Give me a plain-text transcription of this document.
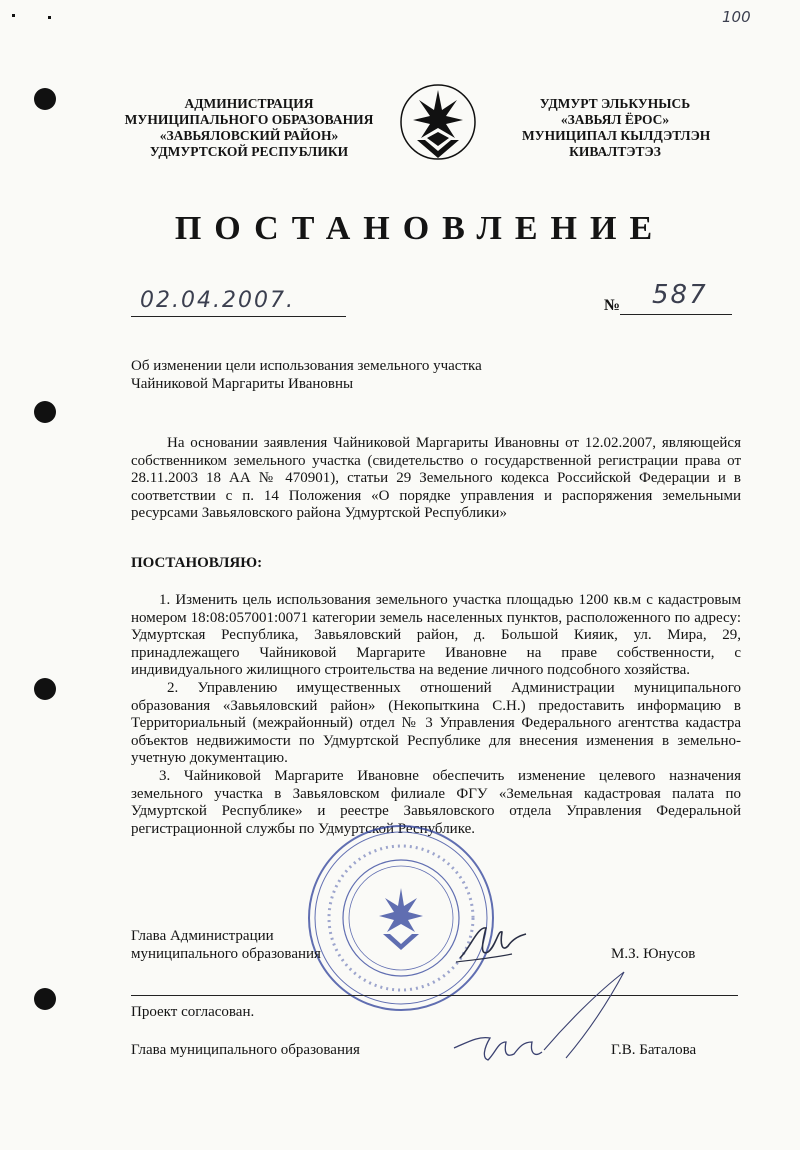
100
АДМИНИСТРАЦИЯ
МУНИЦИПАЛЬНОГО ОБРАЗОВАНИЯ
«ЗАВЬЯЛОВСКИЙ РАЙОН»
УДМУРТСКОЙ РЕСПУБЛИКИ
УДМУРТ ЭЛЬКУНЫСЬ
«ЗАВЬЯЛ ЁРОС»
МУНИЦИПАЛ КЫЛДЭТЛЭН
КИВАЛТЭТЭЗ
ПОСТАНОВЛЕНИЕ
02.04.2007.	№ 587
Об изменении цели использования земельного участка
Чайниковой Маргариты Ивановны

На основании заявления Чайниковой Маргариты Ивановны от 12.02.2007, являющейся собственником земельного участка (свидетельство о государственной регистрации права от 28.11.2003 18 АА № 470901), статьи 29 Земельного кодекса Российской Федерации и в соответствии с п. 14 Положения «О порядке управления и распоряжения земельными ресурсами Завьяловского района Удмуртской Республики»

ПОСТАНОВЛЯЮ:

1. Изменить цель использования земельного участка площадью 1200 кв.м с кадастровым номером 18:08:057001:0071 категории земель населенных пунктов, расположенного по адресу: Удмуртская Республика, Завьяловский район, д. Большой Кияик, ул. Мира, 29, принадлежащего Чайниковой Маргарите Ивановне на праве собственности, с индивидуального жилищного строительства на ведение личного подсобного хозяйства.

2. Управлению имущественных отношений Администрации муниципального образования «Завьяловский район» (Некопыткина С.Н.) предоставить информацию в Территориальный (межрайонный) отдел № 3 Управления Федерального агентства кадастра объектов недвижимости по Удмуртской Республике для внесения изменения в земельно-учетную документацию.

3. Чайниковой Маргарите Ивановне обеспечить изменение целевого назначения земельного участка в Завьяловском филиале ФГУ «Земельная кадастровая палата по Удмуртской Республике» и реестре Завьяловского отдела Управления Федеральной регистрационной службы по Удмуртской Республике.

Глава Администрации
муниципального образования	М.З. Юнусов
Проект согласован.
Глава муниципального образования	Г.В. Баталова
